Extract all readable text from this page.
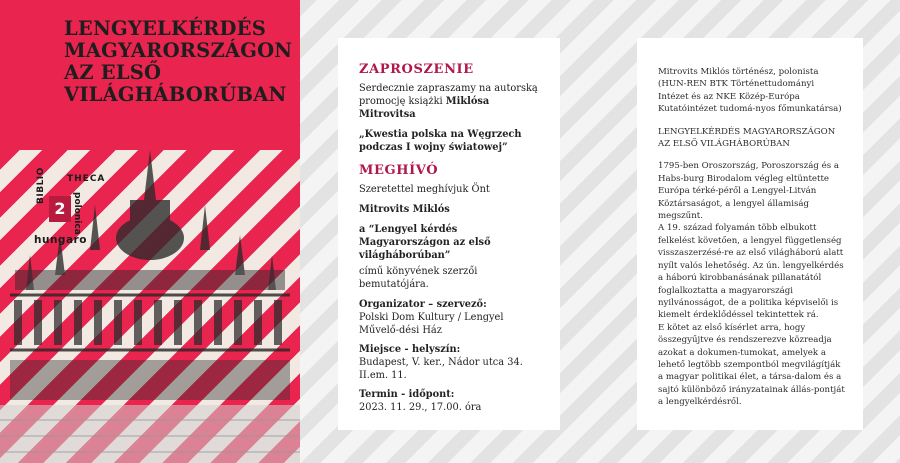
LENGYELKÉRDÉS
MAGYARORSZÁGON
AZ ELSŐ
VILÁGHÁBORÚBAN
BIBLIO THECA
2 polonica
hungaro
ZAPROSZENIE

Serdecznie zapraszamy na autorską promocję książki Miklósa Mitrovitsa

„Kwestia polska na Węgrzech podczas I wojny światowej”

MEGHÍVÓ

Szeretettel meghívjuk Önt

Mitrovits Miklós

a “Lengyel kérdés Magyarországon az első világháborúban”

című könyvének szerzői bemutatójára.

Organizator – szervező:

Polski Dom Kultury / Lengyel Művelő-dési Ház

Miejsce - helyszín:

Budapest, V. ker., Nádor utca 34.

II.em. 11.

Termin - időpont:

2023. 11. 29., 17.00. óra

Mitrovits Miklós történész, polonista (HUN-REN BTK Történettudományi Intézet és az NKE Közép-Európa Kutatóintézet tudomá-nyos főmunkatársa)

LENGYELKÉRDÉS MAGYARORSZÁGON AZ ELSŐ VILÁGHÁBORÚBAN

1795-ben Oroszország, Poroszország és a Habs-burg Birodalom végleg eltüntette Európa térké-péről a Lengyel-Litván Köztársaságot, a lengyel államiság megszűnt.

A 19. század folyamán több elbukott felkelést követően, a lengyel függetlenség visszaszerzésé-re az első világháború alatt nyílt valós lehetőség. Az ún. lengyelkérdés a háború kirobbanásának pillanatától foglalkoztatta a magyarországi nyilvánosságot, de a politika képviselői is kiemelt érdeklődéssel tekintettek rá.

E kötet az első kísérlet arra, hogy összegyűjtve és rendszerezve közreadja azokat a dokumen-tumokat, amelyek a lehető legtöbb szempontból megvilágítják a magyar politikai élet, a társa-dalom és a sajtó különböző irányzatainak állás-pontját a lengyelkérdésről.
